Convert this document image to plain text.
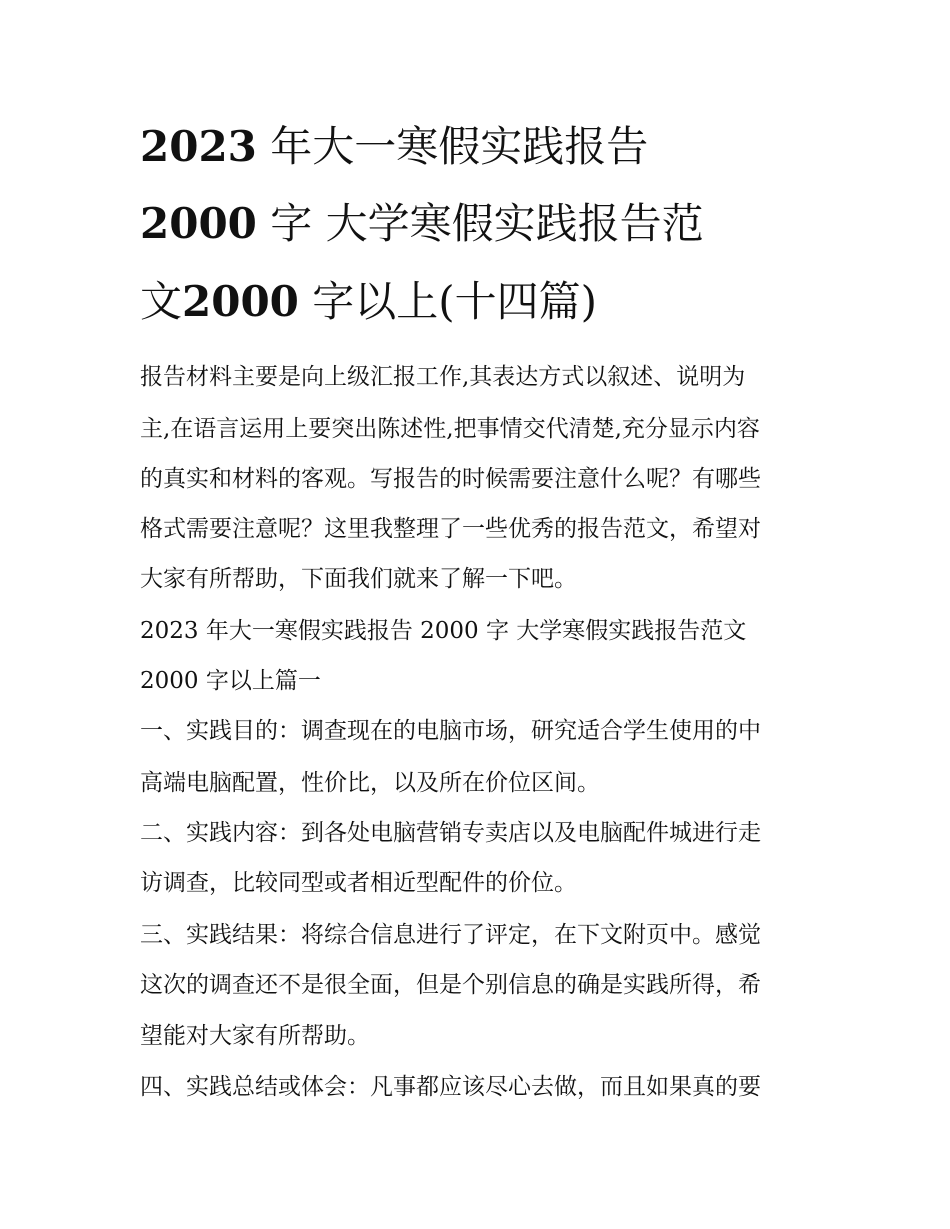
2023 年大一寒假实践报告
2000 字 大学寒假实践报告范
文2000 字以上(十四篇)

报告材料主要是向上级汇报工作,其表达方式以叙述、说明为

主,在语言运用上要突出陈述性,把事情交代清楚,充分显示内容

的真实和材料的客观。写报告的时候需要注意什么呢？有哪些

格式需要注意呢？这里我整理了一些优秀的报告范文，希望对

大家有所帮助，下面我们就来了解一下吧。

2023 年大一寒假实践报告 2000 字 大学寒假实践报告范文

2000 字以上篇一

一、实践目的：调查现在的电脑市场，研究适合学生使用的中

高端电脑配置，性价比，以及所在价位区间。

二、实践内容：到各处电脑营销专卖店以及电脑配件城进行走

访调查，比较同型或者相近型配件的价位。

三、实践结果：将综合信息进行了评定，在下文附页中。感觉

这次的调查还不是很全面，但是个别信息的确是实践所得，希

望能对大家有所帮助。

四、实践总结或体会：凡事都应该尽心去做，而且如果真的要
